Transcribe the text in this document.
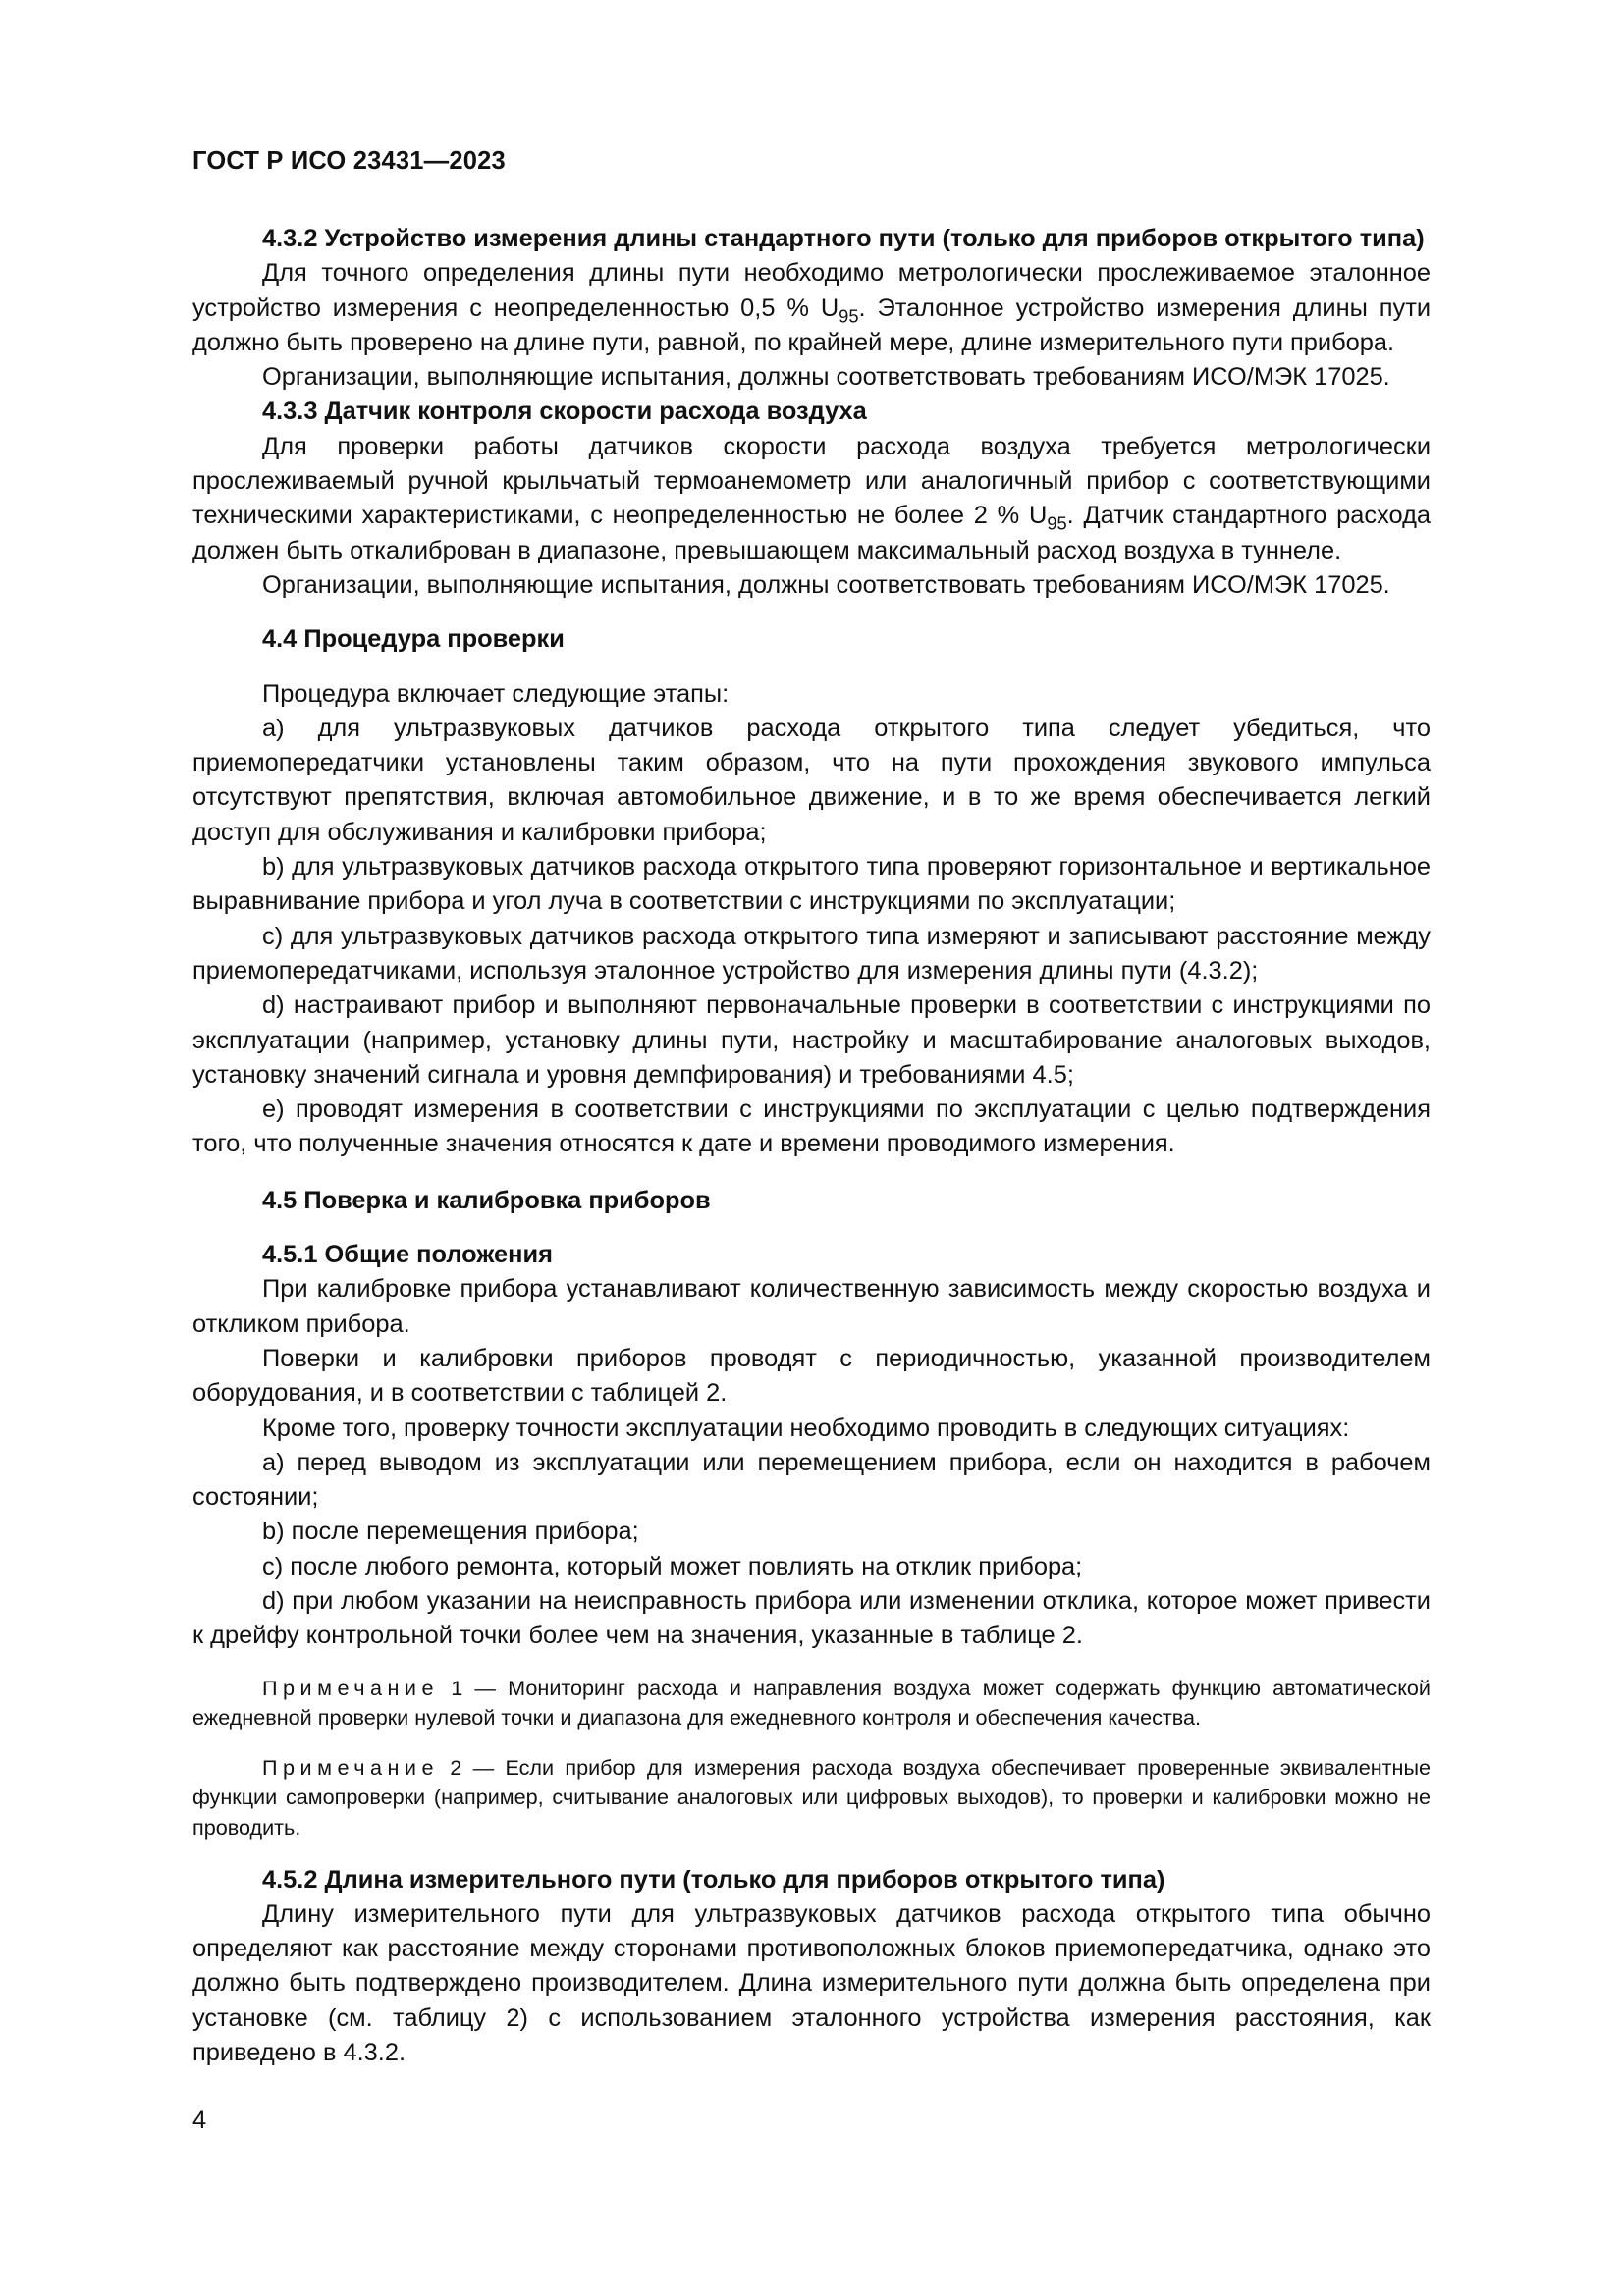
ГОСТ Р ИСО 23431—2023

4.3.2 Устройство измерения длины стандартного пути (только для приборов открытого типа)

Для точного определения длины пути необходимо метрологически прослеживаемое эталонное устройство измерения с неопределенностью 0,5 % $U_{95}$. Эталонное устройство измерения длины пути должно быть проверено на длине пути, равной, по крайней мере, длине измерительного пути прибора.

Организации, выполняющие испытания, должны соответствовать требованиям ИСО/МЭК 17025.

4.3.3 Датчик контроля скорости расхода воздуха

Для проверки работы датчиков скорости расхода воздуха требуется метрологически прослеживаемый ручной крыльчатый термоанемометр или аналогичный прибор с соответствующими техническими характеристиками, с неопределенностью не более 2 % $U_{95}$. Датчик стандартного расхода должен быть откалиброван в диапазоне, превышающем максимальный расход воздуха в туннеле.

Организации, выполняющие испытания, должны соответствовать требованиям ИСО/МЭК 17025.

4.4 Процедура проверки

Процедура включает следующие этапы:

а) для ультразвуковых датчиков расхода открытого типа следует убедиться, что приемопередатчики установлены таким образом, что на пути прохождения звукового импульса отсутствуют препятствия, включая автомобильное движение, и в то же время обеспечивается легкий доступ для обслуживания и калибровки прибора;

b) для ультразвуковых датчиков расхода открытого типа проверяют горизонтальное и вертикальное выравнивание прибора и угол луча в соответствии с инструкциями по эксплуатации;

c) для ультразвуковых датчиков расхода открытого типа измеряют и записывают расстояние между приемопередатчиками, используя эталонное устройство для измерения длины пути (4.3.2);

d) настраивают прибор и выполняют первоначальные проверки в соответствии с инструкциями по эксплуатации (например, установку длины пути, настройку и масштабирование аналоговых выходов, установку значений сигнала и уровня демпфирования) и требованиями 4.5;

е) проводят измерения в соответствии с инструкциями по эксплуатации с целью подтверждения того, что полученные значения относятся к дате и времени проводимого измерения.

4.5 Поверка и калибровка приборов

4.5.1 Общие положения

При калибровке прибора устанавливают количественную зависимость между скоростью воздуха и откликом прибора.

Поверки и калибровки приборов проводят с периодичностью, указанной производителем оборудования, и в соответствии с таблицей 2.

Кроме того, проверку точности эксплуатации необходимо проводить в следующих ситуациях:

а) перед выводом из эксплуатации или перемещением прибора, если он находится в рабочем состоянии;

b) после перемещения прибора;

c) после любого ремонта, который может повлиять на отклик прибора;

d) при любом указании на неисправность прибора или изменении отклика, которое может привести к дрейфу контрольной точки более чем на значения, указанные в таблице 2.

Примечание 1 — Мониторинг расхода и направления воздуха может содержать функцию автоматической ежедневной проверки нулевой точки и диапазона для ежедневного контроля и обеспечения качества.

Примечание 2 — Если прибор для измерения расхода воздуха обеспечивает проверенные эквивалентные функции самопроверки (например, считывание аналоговых или цифровых выходов), то проверки и калибровки можно не проводить.

4.5.2 Длина измерительного пути (только для приборов открытого типа)

Длину измерительного пути для ультразвуковых датчиков расхода открытого типа обычно определяют как расстояние между сторонами противоположных блоков приемопередатчика, однако это должно быть подтверждено производителем. Длина измерительного пути должна быть определена при установке (см. таблицу 2) с использованием эталонного устройства измерения расстояния, как приведено в 4.3.2.

4
